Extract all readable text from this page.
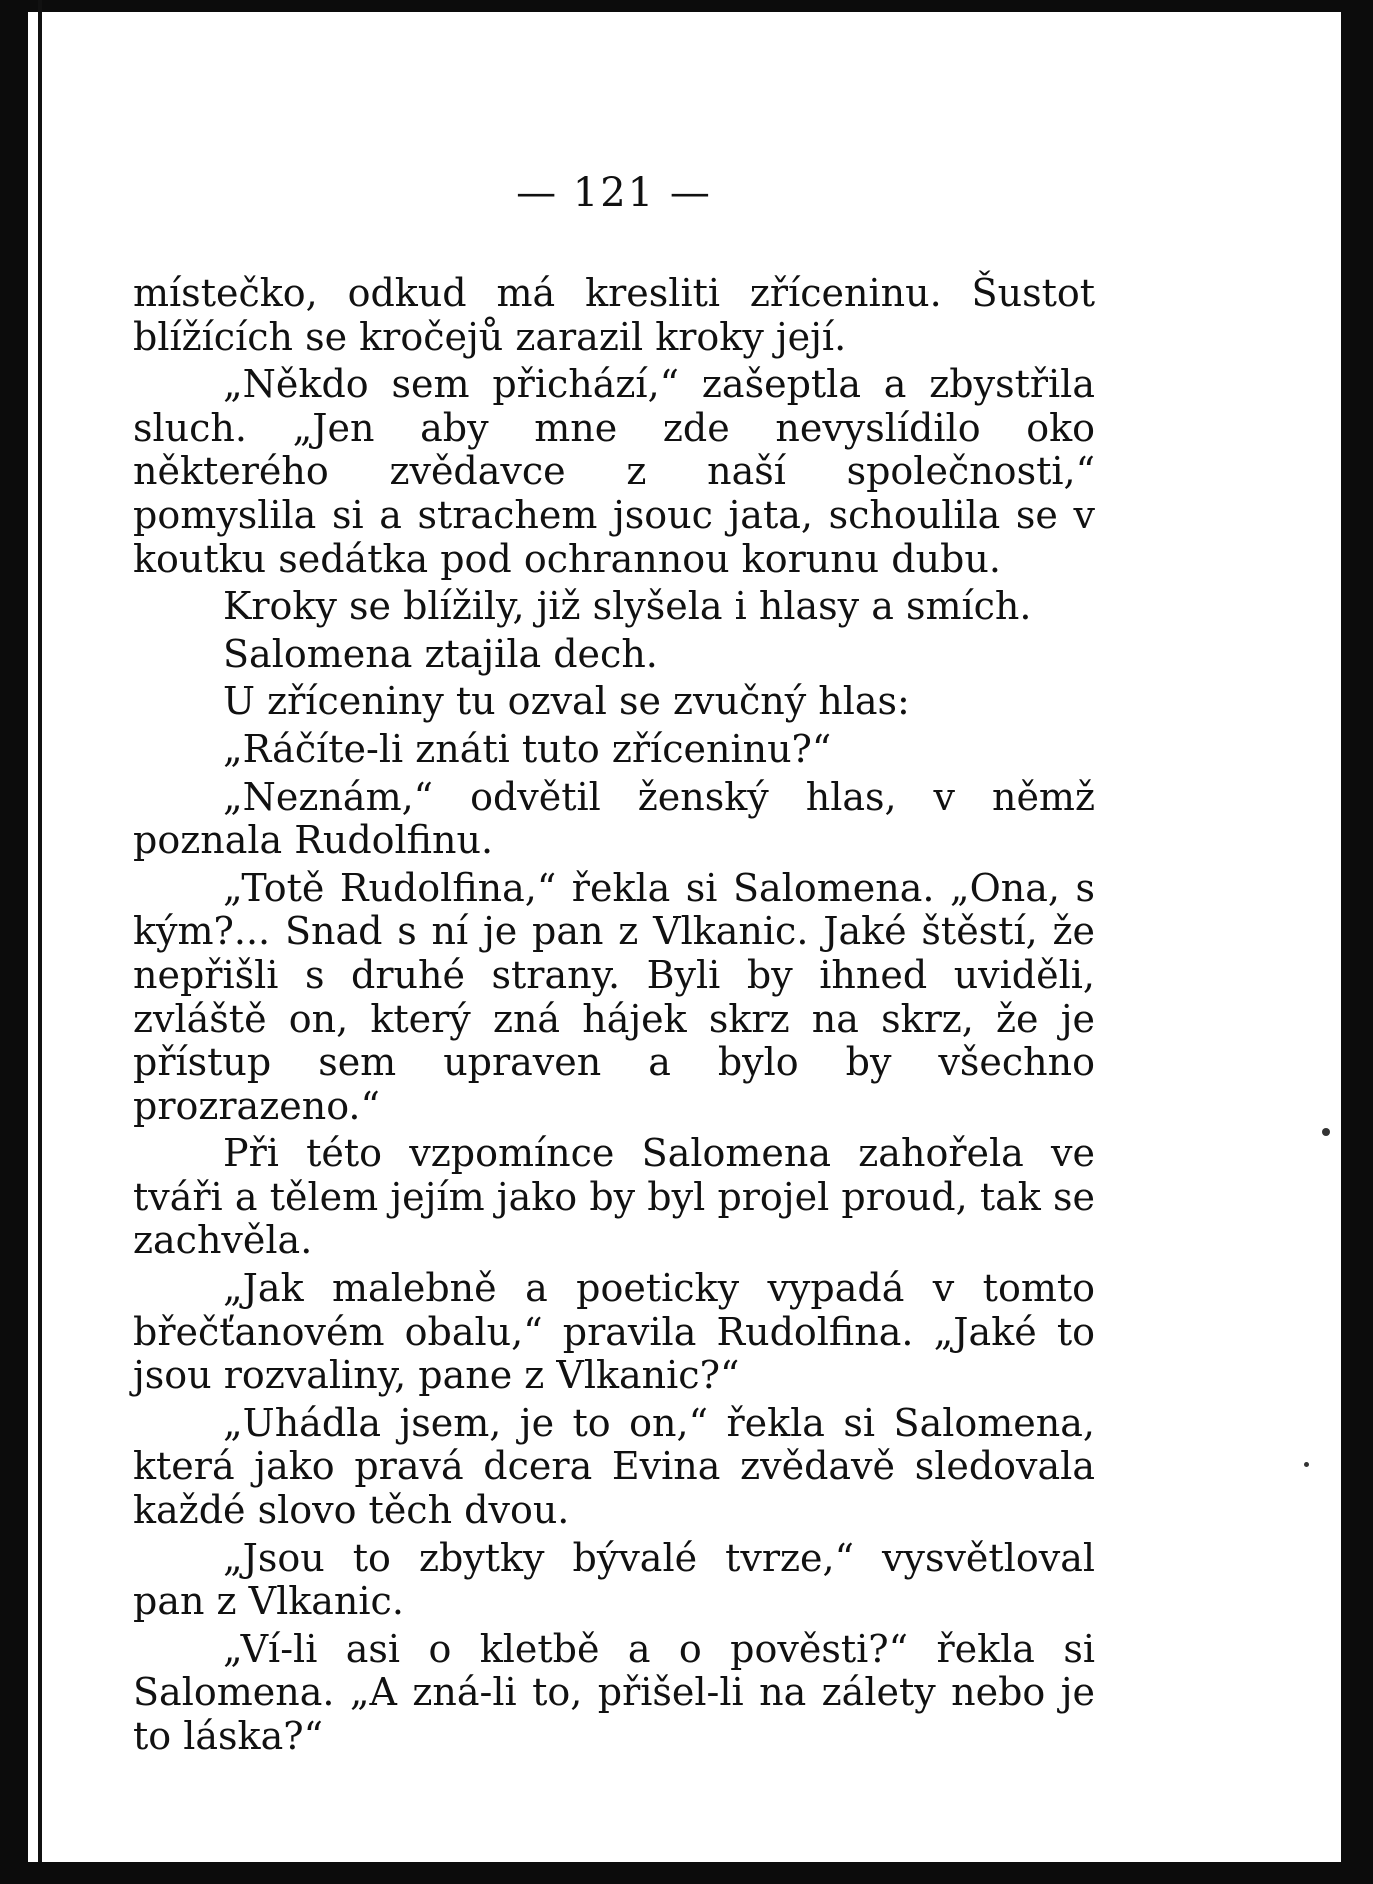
— 121 —

místečko, odkud má kresliti zříceninu. Šustot blížících se kročejů zarazil kroky její.

„Někdo sem přichází,“ zašeptla a zbystřila sluch. „Jen aby mne zde nevyslídilo oko některého zvědavce z naší společnosti,“ pomyslila si a strachem jsouc jata, schoulila se v koutku sedátka pod ochrannou korunu dubu.

Kroky se blížily, již slyšela i hlasy a smích.

Salomena ztajila dech.

U zříceniny tu ozval se zvučný hlas:

„Ráčíte-li znáti tuto zříceninu?“

„Neznám,“ odvětil ženský hlas, v němž poznala Rudolfinu.

„Totě Rudolfina,“ řekla si Salomena. „Ona, s kým?... Snad s ní je pan z Vlkanic. Jaké štěstí, že nepřišli s druhé strany. Byli by ihned uviděli, zvláště on, který zná hájek skrz na skrz, že je přístup sem upraven a bylo by všechno prozrazeno.“

Při této vzpomínce Salomena zahořela ve tváři a tělem jejím jako by byl projel proud, tak se zachvěla.

„Jak malebně a poeticky vypadá v tomto břečťanovém obalu,“ pravila Rudolfina. „Jaké to jsou rozvaliny, pane z Vlkanic?“

„Uhádla jsem, je to on,“ řekla si Salomena, která jako pravá dcera Evina zvědavě sledovala každé slovo těch dvou.

„Jsou to zbytky bývalé tvrze,“ vysvětloval pan z Vlkanic.

„Ví-li asi o kletbě a o pověsti?“ řekla si Salomena. „A zná-li to, přišel-li na zálety nebo je to láska?“
